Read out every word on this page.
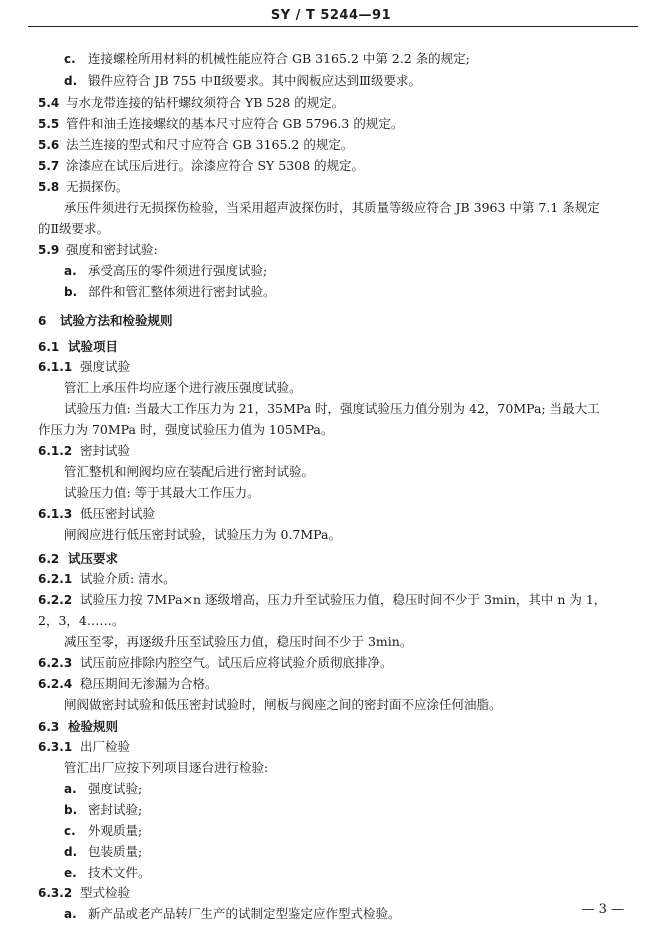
SY / T 5244—91
c. 连接螺栓所用材料的机械性能应符合 GB 3165.2 中第 2.2 条的规定;
d. 锻件应符合 JB 755 中Ⅱ级要求。其中阀板应达到Ⅲ级要求。
5.4 与水龙带连接的钻杆螺纹须符合 YB 528 的规定。
5.5 管件和油壬连接螺纹的基本尺寸应符合 GB 5796.3 的规定。
5.6 法兰连接的型式和尺寸应符合 GB 3165.2 的规定。
5.7 涂漆应在试压后进行。涂漆应符合 SY 5308 的规定。
5.8 无损探伤。
承压件须进行无损探伤检验，当采用超声波探伤时，其质量等级应符合 JB 3963 中第 7.1 条规定
的Ⅱ级要求。
5.9 强度和密封试验:
a. 承受高压的零件须进行强度试验;
b. 部件和管汇整体须进行密封试验。
6 试验方法和检验规则
6.1 试验项目
6.1.1 强度试验
管汇上承压件均应逐个进行液压强度试验。
试验压力值: 当最大工作压力为 21，35MPa 时，强度试验压力值分别为 42，70MPa; 当最大工
作压力为 70MPa 时，强度试验压力值为 105MPa。
6.1.2 密封试验
管汇整机和闸阀均应在装配后进行密封试验。
试验压力值: 等于其最大工作压力。
6.1.3 低压密封试验
闸阀应进行低压密封试验，试验压力为 0.7MPa。
6.2 试压要求
6.2.1 试验介质: 清水。
6.2.2 试验压力按 7MPa×n 逐级增高，压力升至试验压力值，稳压时间不少于 3min，其中 n 为 1，
2，3，4……。
减压至零，再逐级升压至试验压力值，稳压时间不少于 3min。
6.2.3 试压前应排除内腔空气。试压后应将试验介质彻底排净。
6.2.4 稳压期间无渗漏为合格。
闸阀做密封试验和低压密封试验时，闸板与阀座之间的密封面不应涂任何油脂。
6.3 检验规则
6.3.1 出厂检验
管汇出厂应按下列项目逐台进行检验:
a. 强度试验;
b. 密封试验;
c. 外观质量;
d. 包装质量;
e. 技术文件。
6.3.2 型式检验
a. 新产品或老产品转厂生产的试制定型鉴定应作型式检验。	— 3 —
